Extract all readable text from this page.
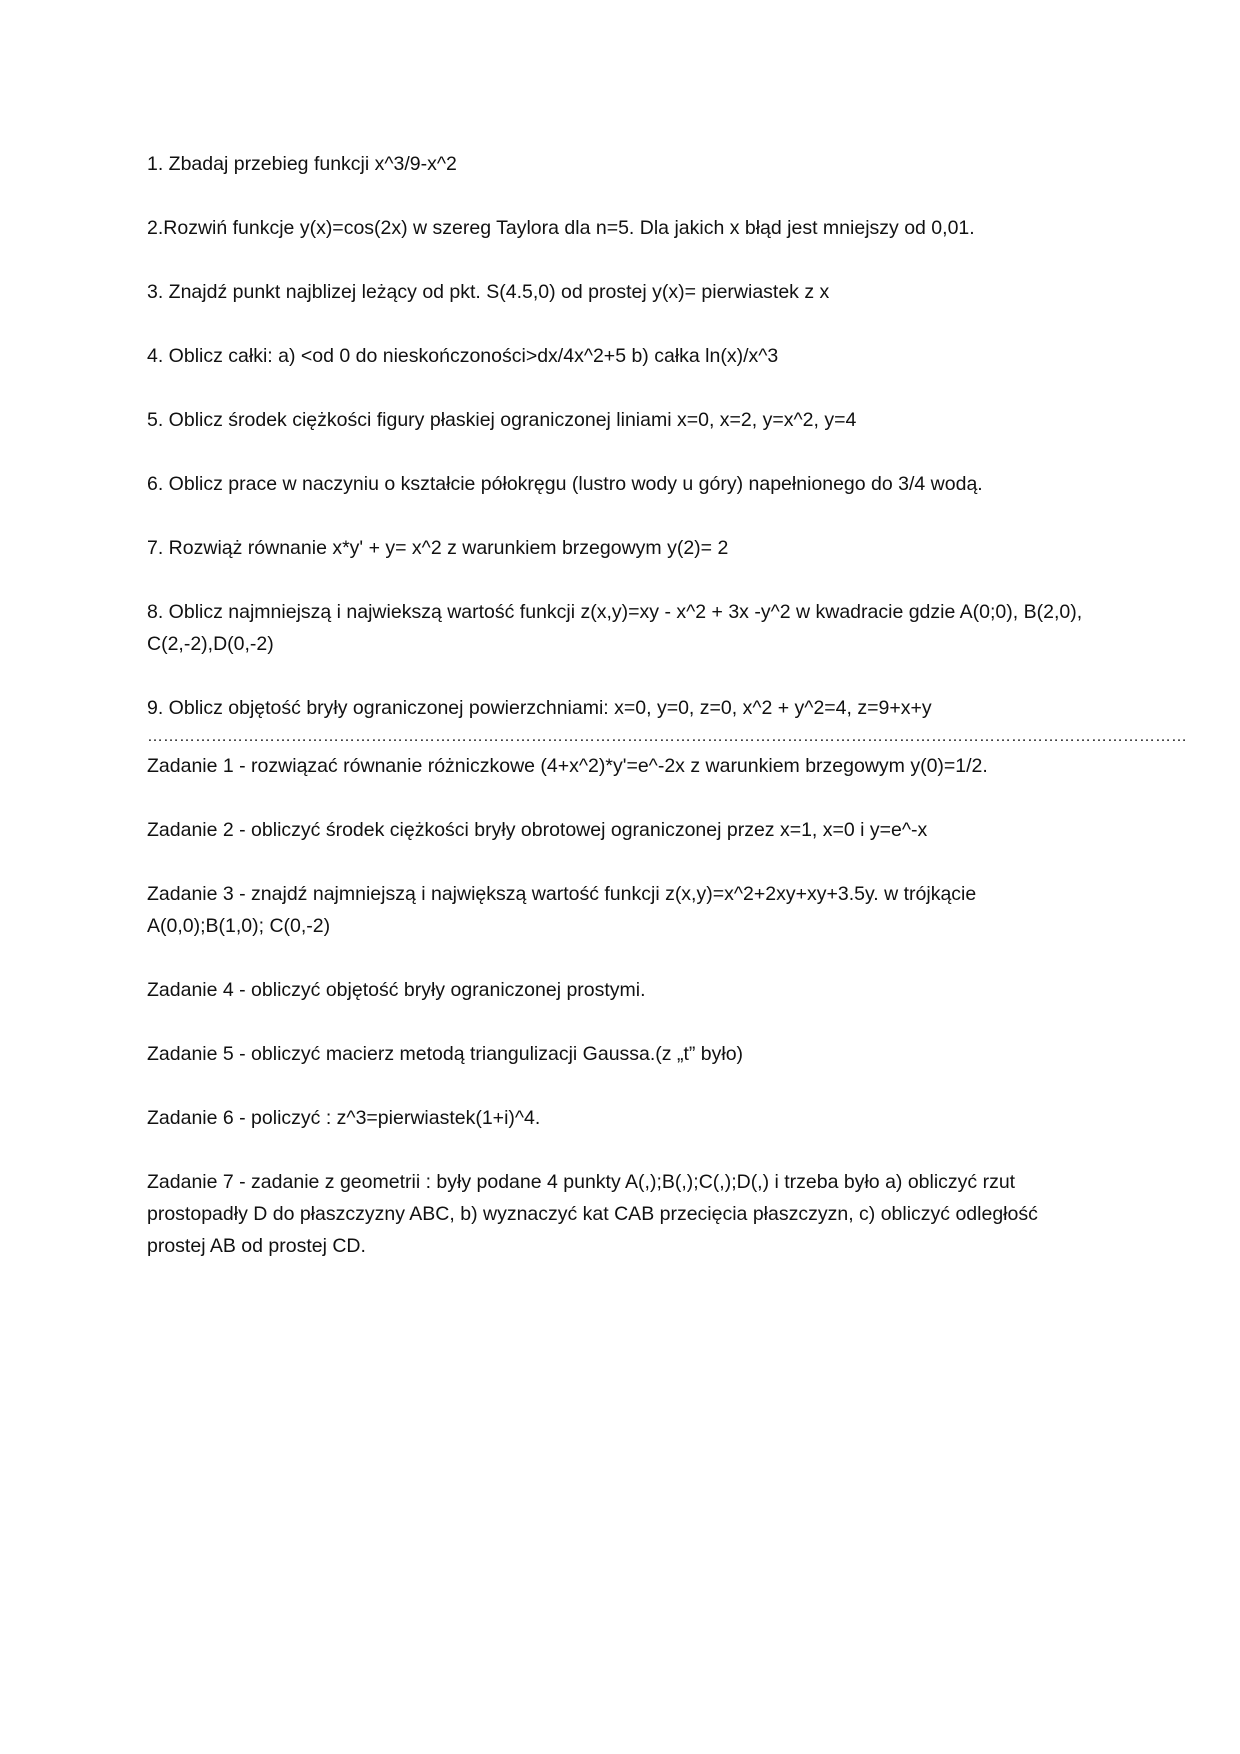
1. Zbadaj przebieg funkcji x^3/9-x^2

2.Rozwiń funkcje y(x)=cos(2x) w szereg Taylora dla n=5. Dla jakich x błąd jest mniejszy od 0,01.

3. Znajdź punkt najblizej leżący od pkt. S(4.5,0) od prostej y(x)= pierwiastek z x

4. Oblicz całki: a) <od 0 do nieskończoności>dx/4x^2+5 b) całka ln(x)/x^3

5. Oblicz środek ciężkości figury płaskiej ograniczonej liniami x=0, x=2, y=x^2, y=4

6. Oblicz prace w naczyniu o kształcie półokręgu (lustro wody u góry) napełnionego do 3/4 wodą.

7. Rozwiąż równanie x*y' + y= x^2 z warunkiem brzegowym y(2)= 2

8. Oblicz najmniejszą i najwiekszą wartość funkcji z(x,y)=xy - x^2 + 3x -y^2 w kwadracie gdzie A(0;0), B(2,0), C(2,-2),D(0,-2)

9. Oblicz objętość bryły ograniczonej powierzchniami: x=0, y=0, z=0, x^2 + y^2=4, z=9+x+y

……………………………………………………………………………………………………………………………………………………………………………

Zadanie 1 - rozwiązać równanie różniczkowe (4+x^2)*y'=e^-2x z warunkiem brzegowym y(0)=1/2.

Zadanie 2 - obliczyć środek ciężkości bryły obrotowej ograniczonej przez x=1, x=0 i y=e^-x

Zadanie 3 - znajdź najmniejszą i największą wartość funkcji z(x,y)=x^2+2xy+xy+3.5y. w trójkącie A(0,0);B(1,0); C(0,-2)

Zadanie 4 - obliczyć objętość bryły ograniczonej prostymi.

Zadanie 5 - obliczyć macierz metodą triangulizacji Gaussa.(z „t” było)

Zadanie 6 - policzyć : z^3=pierwiastek(1+i)^4.

Zadanie 7 - zadanie z geometrii : były podane 4 punkty A(,);B(,);C(,);D(,) i trzeba było a) obliczyć rzut prostopadły D do płaszczyzny ABC, b) wyznaczyć kat CAB przecięcia płaszczyzn, c) obliczyć odległość prostej AB od prostej CD.
